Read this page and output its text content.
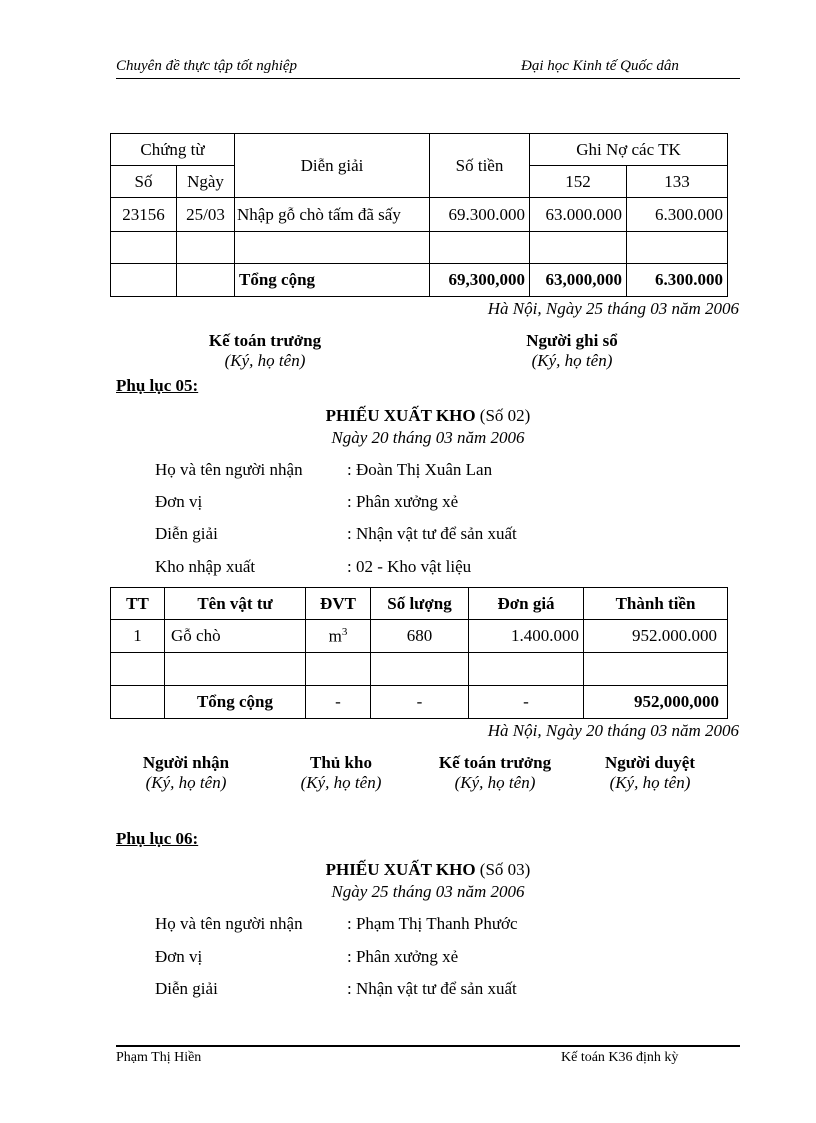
Chuyên đề thực tập tốt nghiệp	Đại học Kinh tế Quốc dân
Chứng từ		Diễn giải	Số tiền	Ghi Nợ các TK	
Số	Ngày			152	133
23156	25/03	Nhập gỗ chò tấm đã sấy	69.300.000	63.000.000	6.300.000

		Tổng cộng	69,300,000	63,000,000	6.300.000
Hà Nội, Ngày 25 tháng 03 năm 2006
Kế toán trưởng
(Ký, họ tên)
Người ghi sổ
(Ký, họ tên)
Phụ lục 05:
PHIẾU XUẤT KHO (Số 02)
Ngày 20 tháng 03 năm 2006
Họ và tên người nhận	: Đoàn Thị Xuân Lan
Đơn vị	: Phân xưởng xẻ
Diễn giải	: Nhận vật tư để sản xuất
Kho nhập xuất	: 02 - Kho vật liệu
TT	Tên vật tư	ĐVT	Số lượng	Đơn giá	Thành tiền
1	Gỗ chò	$m^3$	680	1.400.000	952.000.000

	Tổng cộng	-	-	-	952,000,000
Hà Nội, Ngày 20 tháng 03 năm 2006
Người nhận
(Ký, họ tên)
Thủ kho
(Ký, họ tên)
Kế toán trưởng
(Ký, họ tên)
Người duyệt
(Ký, họ tên)
Phụ lục 06:
PHIẾU XUẤT KHO (Số 03)
Ngày 25 tháng 03 năm 2006
Họ và tên người nhận	: Phạm Thị Thanh Phước
Đơn vị	: Phân xưởng xẻ
Diễn giải	: Nhận vật tư để sản xuất
Phạm Thị Hiền	Kế toán K36 định kỳ
